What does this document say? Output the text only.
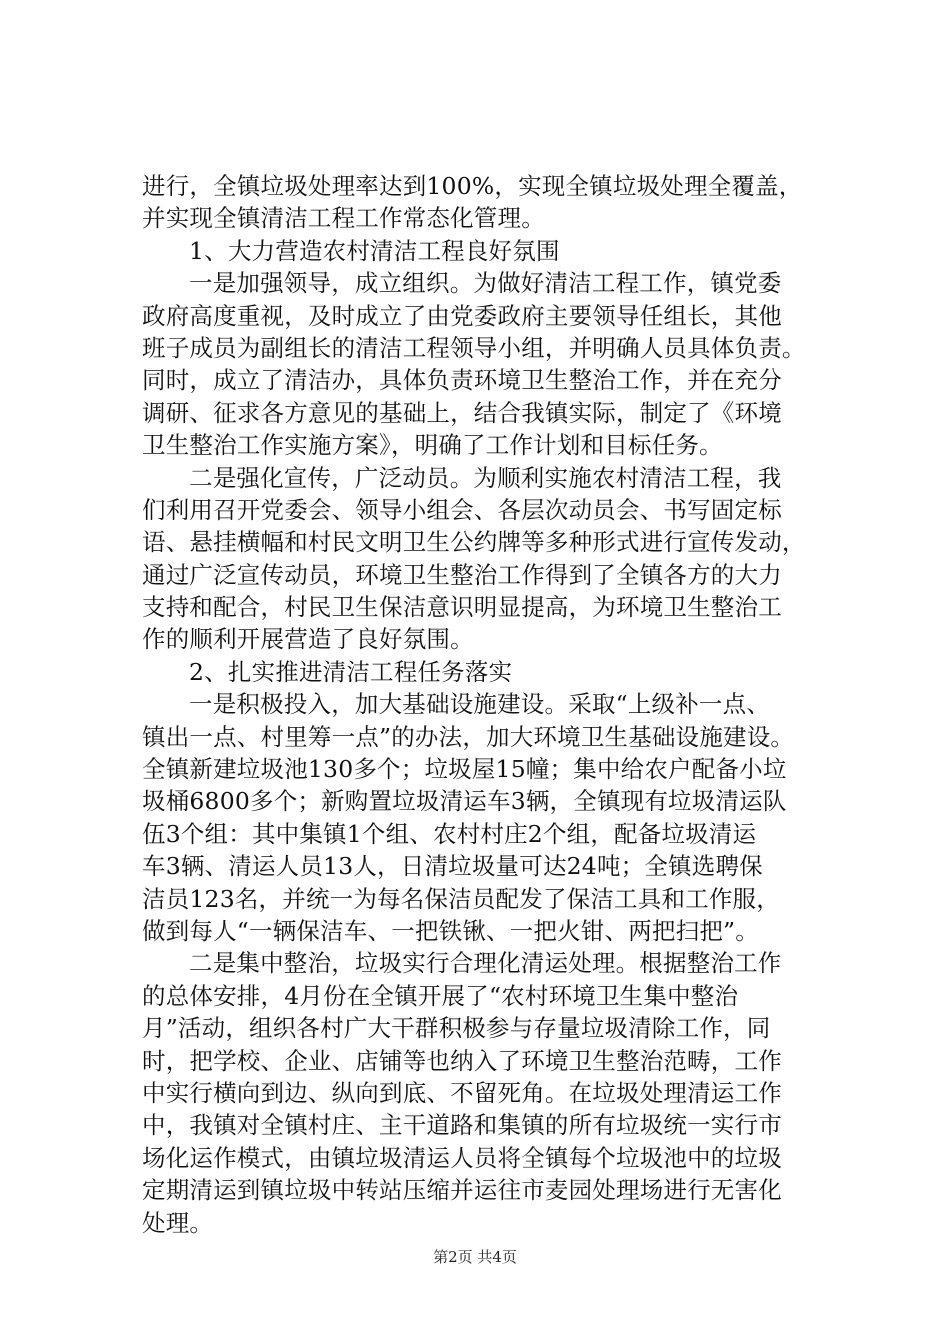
进行，全镇垃圾处理率达到100%，实现全镇垃圾处理全覆盖，
并实现全镇清洁工程工作常态化管理。
1、大力营造农村清洁工程良好氛围
一是加强领导，成立组织。为做好清洁工程工作，镇党委
政府高度重视，及时成立了由党委政府主要领导任组长，其他
班子成员为副组长的清洁工程领导小组，并明确人员具体负责。
同时，成立了清洁办，具体负责环境卫生整治工作，并在充分
调研、征求各方意见的基础上，结合我镇实际，制定了《环境
卫生整治工作实施方案》，明确了工作计划和目标任务。
二是强化宣传，广泛动员。为顺利实施农村清洁工程，我
们利用召开党委会、领导小组会、各层次动员会、书写固定标
语、悬挂横幅和村民文明卫生公约牌等多种形式进行宣传发动，
通过广泛宣传动员，环境卫生整治工作得到了全镇各方的大力
支持和配合，村民卫生保洁意识明显提高，为环境卫生整治工
作的顺利开展营造了良好氛围。
2、扎实推进清洁工程任务落实
一是积极投入，加大基础设施建设。采取“上级补一点、
镇出一点、村里筹一点”的办法，加大环境卫生基础设施建设。
全镇新建垃圾池130多个；垃圾屋15幢；集中给农户配备小垃
圾桶6800多个；新购置垃圾清运车3辆，全镇现有垃圾清运队
伍3个组：其中集镇1个组、农村村庄2个组，配备垃圾清运
车3辆、清运人员13人，日清垃圾量可达24吨；全镇选聘保
洁员123名，并统一为每名保洁员配发了保洁工具和工作服，
做到每人“一辆保洁车、一把铁锹、一把火钳、两把扫把”。
二是集中整治，垃圾实行合理化清运处理。根据整治工作
的总体安排，4月份在全镇开展了“农村环境卫生集中整治
月”活动，组织各村广大干群积极参与存量垃圾清除工作，同
时，把学校、企业、店铺等也纳入了环境卫生整治范畴，工作
中实行横向到边、纵向到底、不留死角。在垃圾处理清运工作
中，我镇对全镇村庄、主干道路和集镇的所有垃圾统一实行市
场化运作模式，由镇垃圾清运人员将全镇每个垃圾池中的垃圾
定期清运到镇垃圾中转站压缩并运往市麦园处理场进行无害化
处理。
第2页 共4页
